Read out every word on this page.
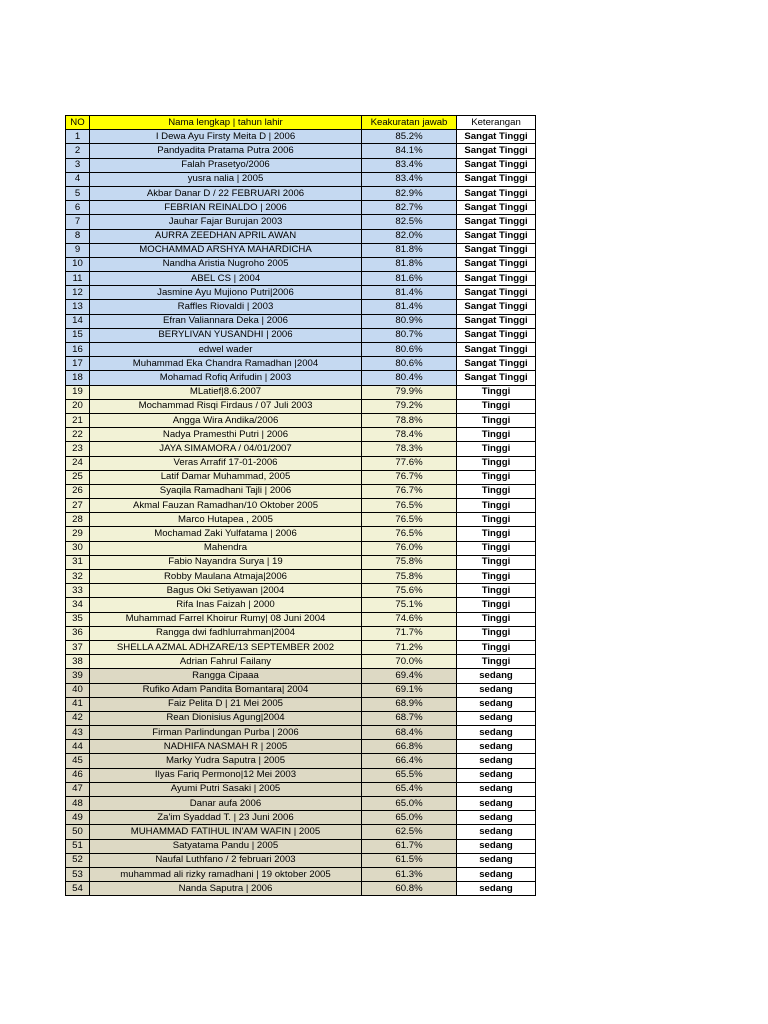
NO	Nama lengkap | tahun lahir	Keakuratan jawab	Keterangan
1	I Dewa Ayu Firsty Meita D | 2006	85.2%	Sangat Tinggi
2	Pandyadita Pratama Putra 2006	84.1%	Sangat Tinggi
3	Falah Prasetyo/2006	83.4%	Sangat Tinggi
4	yusra nalia | 2005	83.4%	Sangat Tinggi
5	Akbar Danar D / 22 FEBRUARI 2006	82.9%	Sangat Tinggi
6	FEBRIAN REINALDO | 2006	82.7%	Sangat Tinggi
7	Jauhar Fajar Burujan 2003	82.5%	Sangat Tinggi
8	AURRA ZEEDHAN APRIL AWAN	82.0%	Sangat Tinggi
9	MOCHAMMAD ARSHYA MAHARDICHA	81.8%	Sangat Tinggi
10	Nandha Aristia Nugroho 2005	81.8%	Sangat Tinggi
11	ABEL CS | 2004	81.6%	Sangat Tinggi
12	Jasmine Ayu Mujiono Putri|2006	81.4%	Sangat Tinggi
13	Raffles Riovaldi | 2003	81.4%	Sangat Tinggi
14	Efran Valiannara Deka | 2006	80.9%	Sangat Tinggi
15	BERYLIVAN YUSANDHI | 2006	80.7%	Sangat Tinggi
16	edwel wader	80.6%	Sangat Tinggi
17	Muhammad Eka Chandra Ramadhan |2004	80.6%	Sangat Tinggi
18	Mohamad Rofiq Arifudin | 2003	80.4%	Sangat Tinggi
19	MLatief|8.6.2007	79.9%	Tinggi
20	Mochammad Risqi Firdaus / 07 Juli 2003	79.2%	Tinggi
21	Angga Wira Andika/2006	78.8%	Tinggi
22	Nadya Pramesthi Putri | 2006	78.4%	Tinggi
23	JAYA SIMAMORA / 04/01/2007	78.3%	Tinggi
24	Veras Arrafif 17-01-2006	77.6%	Tinggi
25	Latif Damar Muhammad, 2005	76.7%	Tinggi
26	Syaqila Ramadhani Tajli | 2006	76.7%	Tinggi
27	Akmal Fauzan Ramadhan/10 Oktober 2005	76.5%	Tinggi
28	Marco Hutapea , 2005	76.5%	Tinggi
29	Mochamad Zaki Yulfatama | 2006	76.5%	Tinggi
30	Mahendra	76.0%	Tinggi
31	Fabio Nayandra Surya | 19	75.8%	Tinggi
32	Robby Maulana Atmaja|2006	75.8%	Tinggi
33	Bagus Oki Setiyawan |2004	75.6%	Tinggi
34	Rifa Inas Faizah | 2000	75.1%	Tinggi
35	Muhammad Farrel Khoirur Rumy| 08 Juni 2004	74.6%	Tinggi
36	Rangga dwi fadhlurrahman|2004	71.7%	Tinggi
37	SHELLA AZMAL ADHZARE/13 SEPTEMBER 2002	71.2%	Tinggi
38	Adrian Fahrul Failany	70.0%	Tinggi
39	Rangga Cipaaa	69.4%	sedang
40	Rufiko Adam Pandita Bomantara| 2004	69.1%	sedang
41	Faiz Pelita D | 21 Mei 2005	68.9%	sedang
42	Rean Dionisius Agung|2004	68.7%	sedang
43	Firman Parlindungan Purba | 2006	68.4%	sedang
44	NADHIFA NASMAH R | 2005	66.8%	sedang
45	Marky Yudra Saputra | 2005	66.4%	sedang
46	Ilyas Fariq Permono|12 Mei 2003	65.5%	sedang
47	Ayumi Putri Sasaki | 2005	65.4%	sedang
48	Danar aufa 2006	65.0%	sedang
49	Za'im Syaddad T. | 23 Juni 2006	65.0%	sedang
50	MUHAMMAD FATIHUL IN'AM WAFIN | 2005	62.5%	sedang
51	Satyatama Pandu | 2005	61.7%	sedang
52	Naufal Luthfano / 2 februari 2003	61.5%	sedang
53	muhammad ali rizky ramadhani | 19 oktober 2005	61.3%	sedang
54	Nanda Saputra | 2006	60.8%	sedang
